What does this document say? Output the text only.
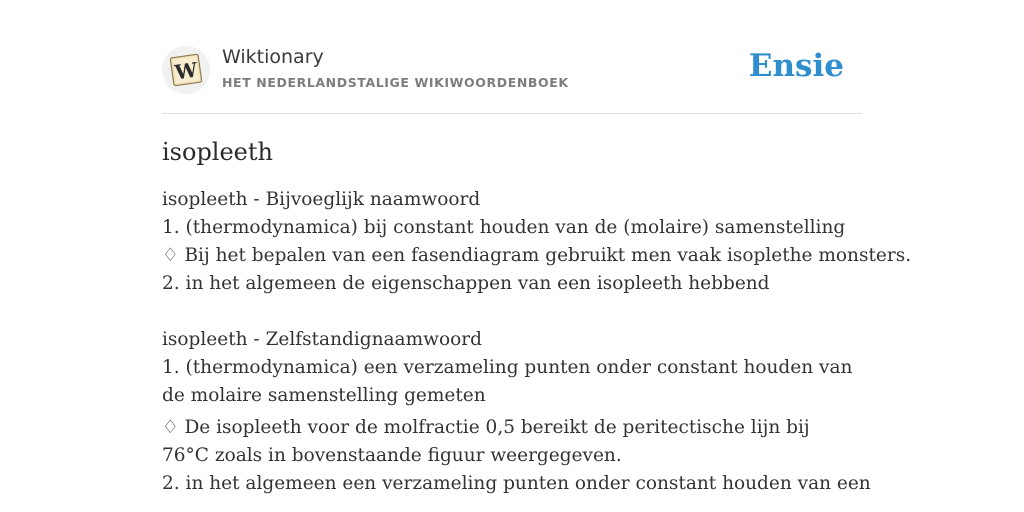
W
Wiktionary
HET NEDERLANDSTALIGE WIKIWOORDENBOEK	Ensie
isopleeth
isopleeth - Bijvoeglijk naamwoord
1. (thermodynamica) bij constant houden van de (molaire) samenstelling
♢ Bij het bepalen van een fasendiagram gebruikt men vaak isoplethe monsters.
2. in het algemeen de eigenschappen van een isopleeth hebbend
isopleeth - Zelfstandignaamwoord
1. (thermodynamica) een verzameling punten onder constant houden van de molaire samenstelling gemeten
♢ De isopleeth voor de molfractie 0,5 bereikt de peritectische lijn bij 76°C zoals in bovenstaande figuur weergegeven.
2. in het algemeen een verzameling punten onder constant houden van een
